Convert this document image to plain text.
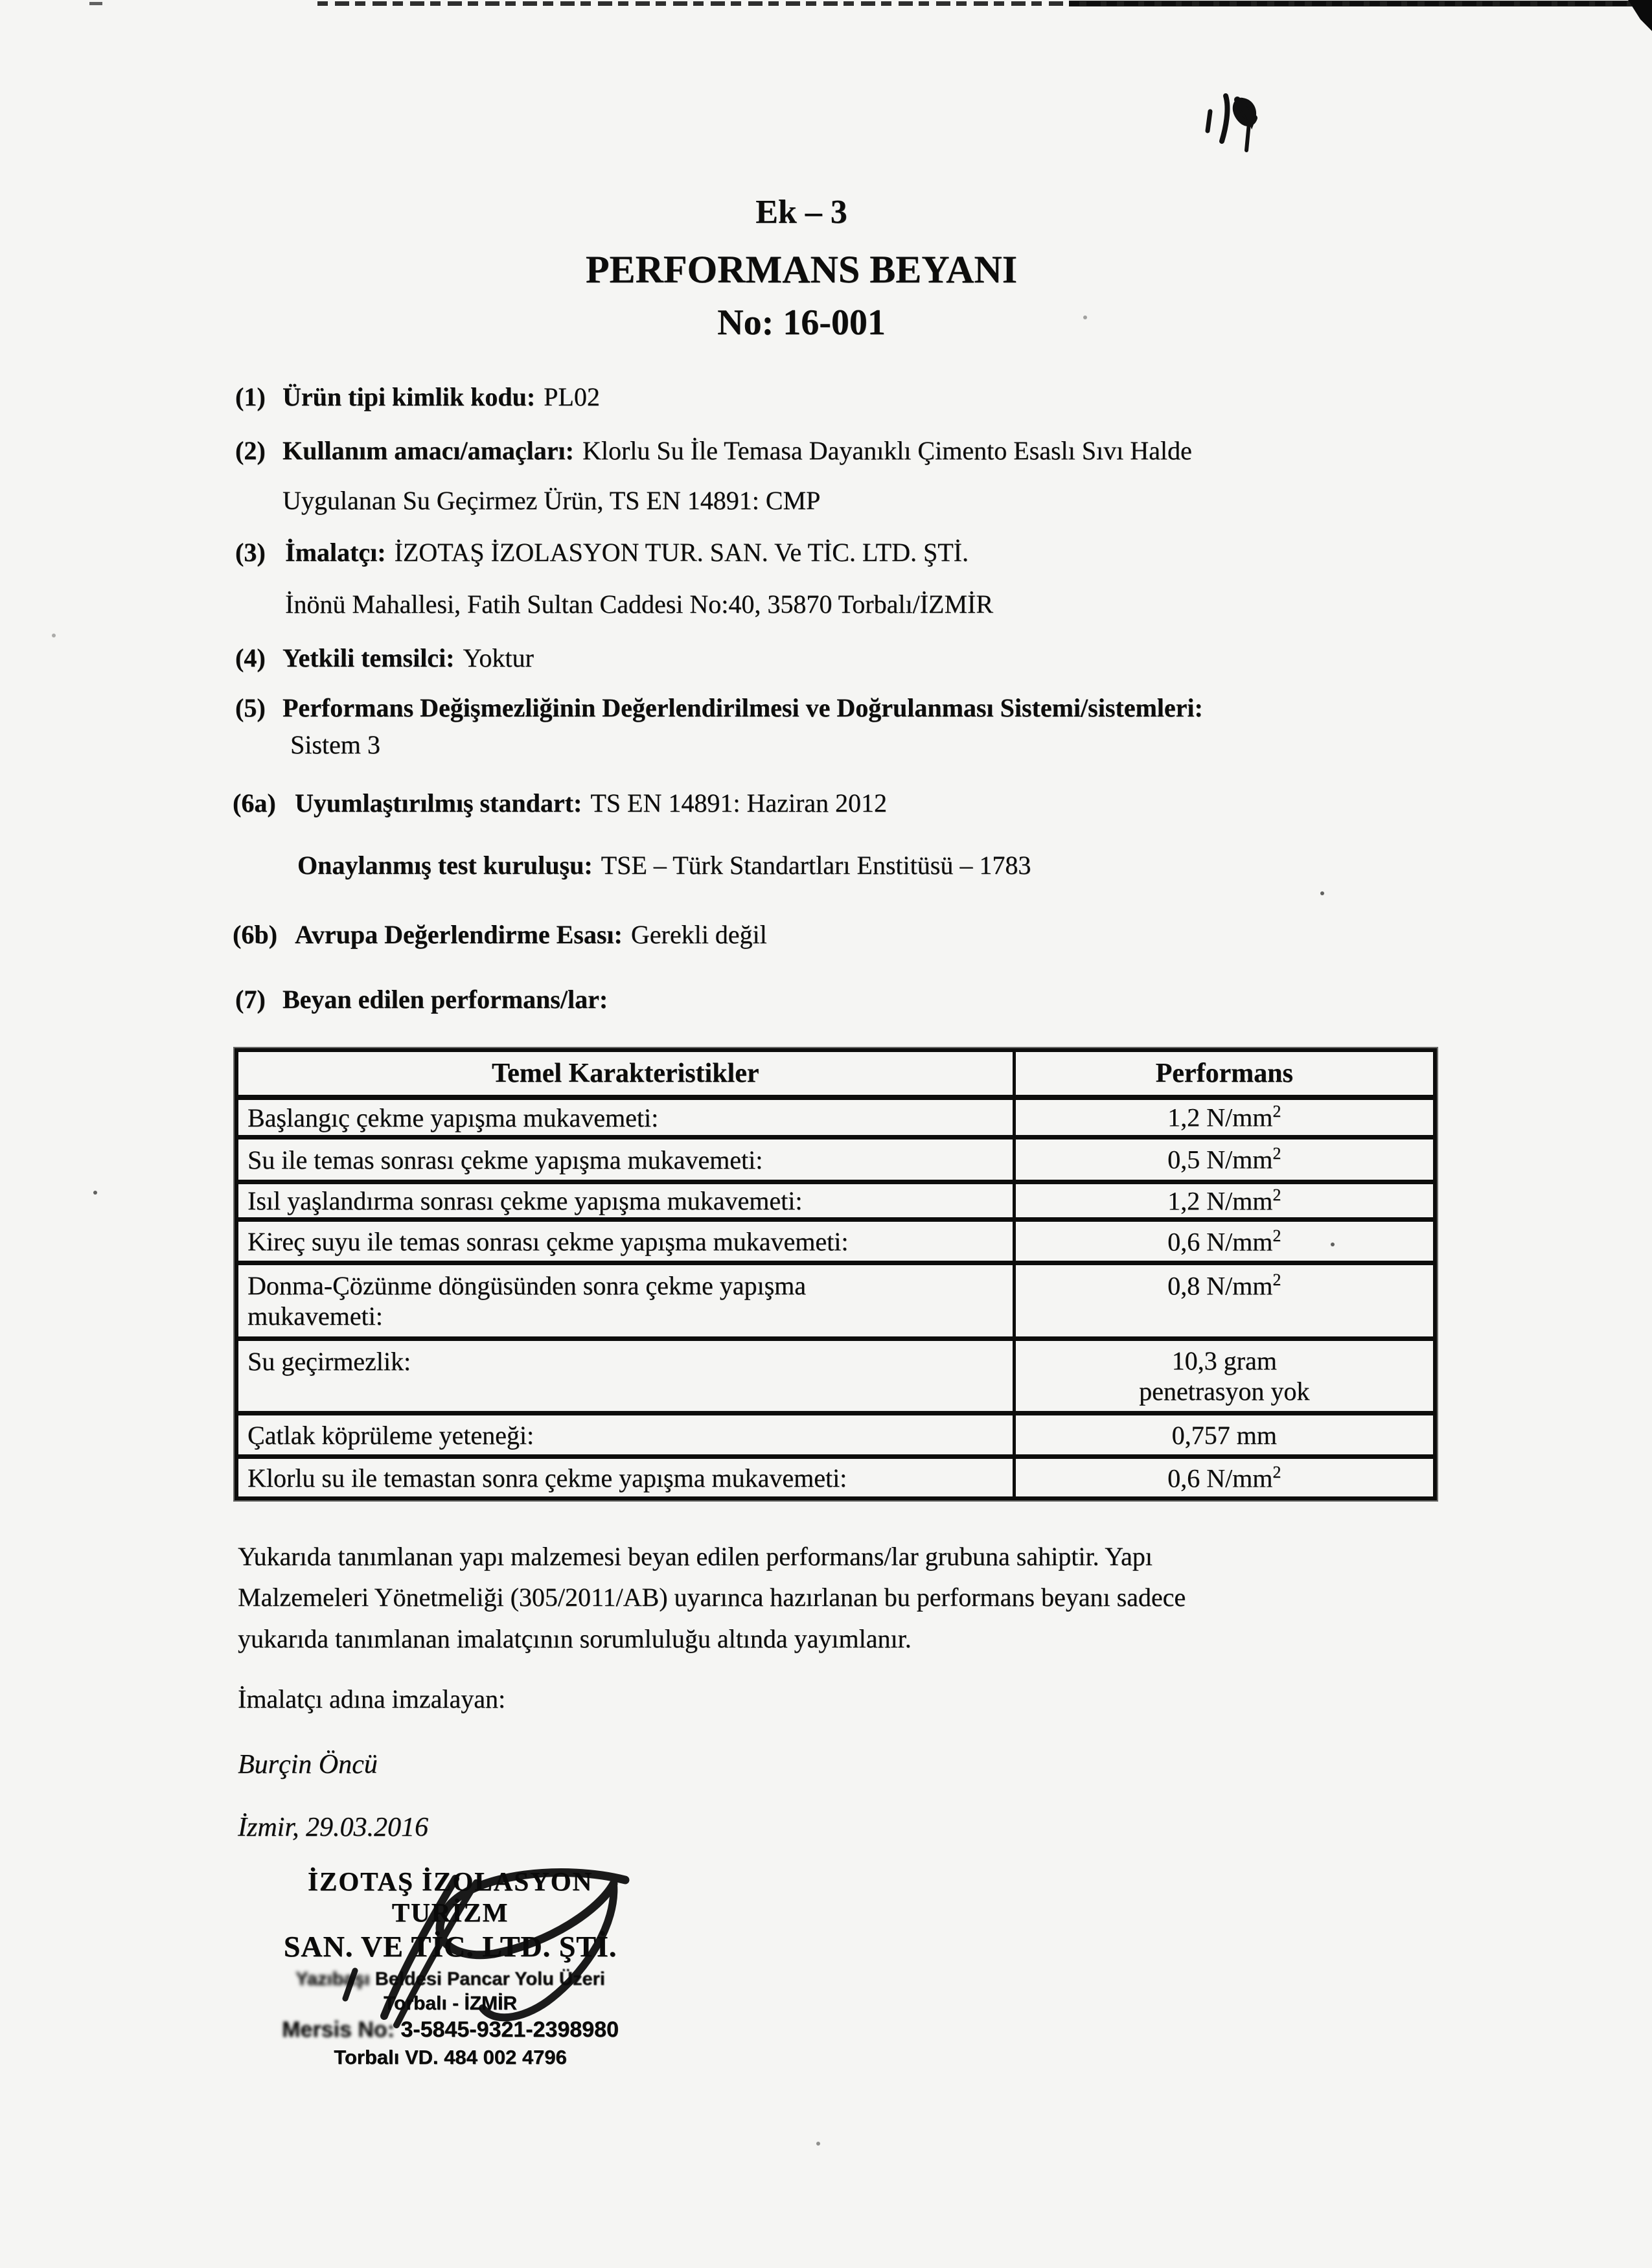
Ek – 3
PERFORMANS BEYANI
No: 16-001
(1) Ürün tipi kimlik kodu: PL02
(2) Kullanım amacı/amaçları: Klorlu Su İle Temasa Dayanıklı Çimento Esaslı Sıvı Halde
Uygulanan Su Geçirmez Ürün, TS EN 14891: CMP
(3) İmalatçı: İZOTAŞ İZOLASYON TUR. SAN. Ve TİC. LTD. ŞTİ.
İnönü Mahallesi, Fatih Sultan Caddesi No:40, 35870 Torbalı/İZMİR
(4) Yetkili temsilci: Yoktur
(5) Performans Değişmezliğinin Değerlendirilmesi ve Doğrulanması Sistemi/sistemleri:
Sistem 3
(6a) Uyumlaştırılmış standart: TS EN 14891: Haziran 2012
Onaylanmış test kuruluşu: TSE – Türk Standartları Enstitüsü – 1783
(6b) Avrupa Değerlendirme Esası: Gerekli değil
(7) Beyan edilen performans/lar:
Temel Karakteristikler	Performans
Başlangıç çekme yapışma mukavemeti:	1,2 $N/mm^2$
Su ile temas sonrası çekme yapışma mukavemeti:	0,5 $N/mm^2$
Isıl yaşlandırma sonrası çekme yapışma mukavemeti:	1,2 $N/mm^2$
Kireç suyu ile temas sonrası çekme yapışma mukavemeti:	0,6 $N/mm^2$
Donma-Çözünme döngüsünden sonra çekme yapışma
mukavemeti:	0,8 $N/mm^2$
Su geçirmezlik:	10,3 gram
penetrasyon yok

Çatlak köprüleme yeteneği:	0,757 mm
Klorlu su ile temastan sonra çekme yapışma mukavemeti:	0,6 $N/mm^2$
Yukarıda tanımlanan yapı malzemesi beyan edilen performans/lar grubuna sahiptir. Yapı
Malzemeleri Yönetmeliği (305/2011/AB) uyarınca hazırlanan bu performans beyanı sadece
yukarıda tanımlanan imalatçının sorumluluğu altında yayımlanır.
İmalatçı adına imzalayan:
Burçin Öncü
İzmir, 29.03.2016
İZOTAŞ İZOLASYON TURİZM
SAN. VE TİC. LTD. ŞTİ.
Yazıbaşı Beldesi Pancar Yolu Üzeri
Torbalı - İZMİR
Mersis No: 3-5845-9321-2398980
Torbalı VD. 484 002 4796
